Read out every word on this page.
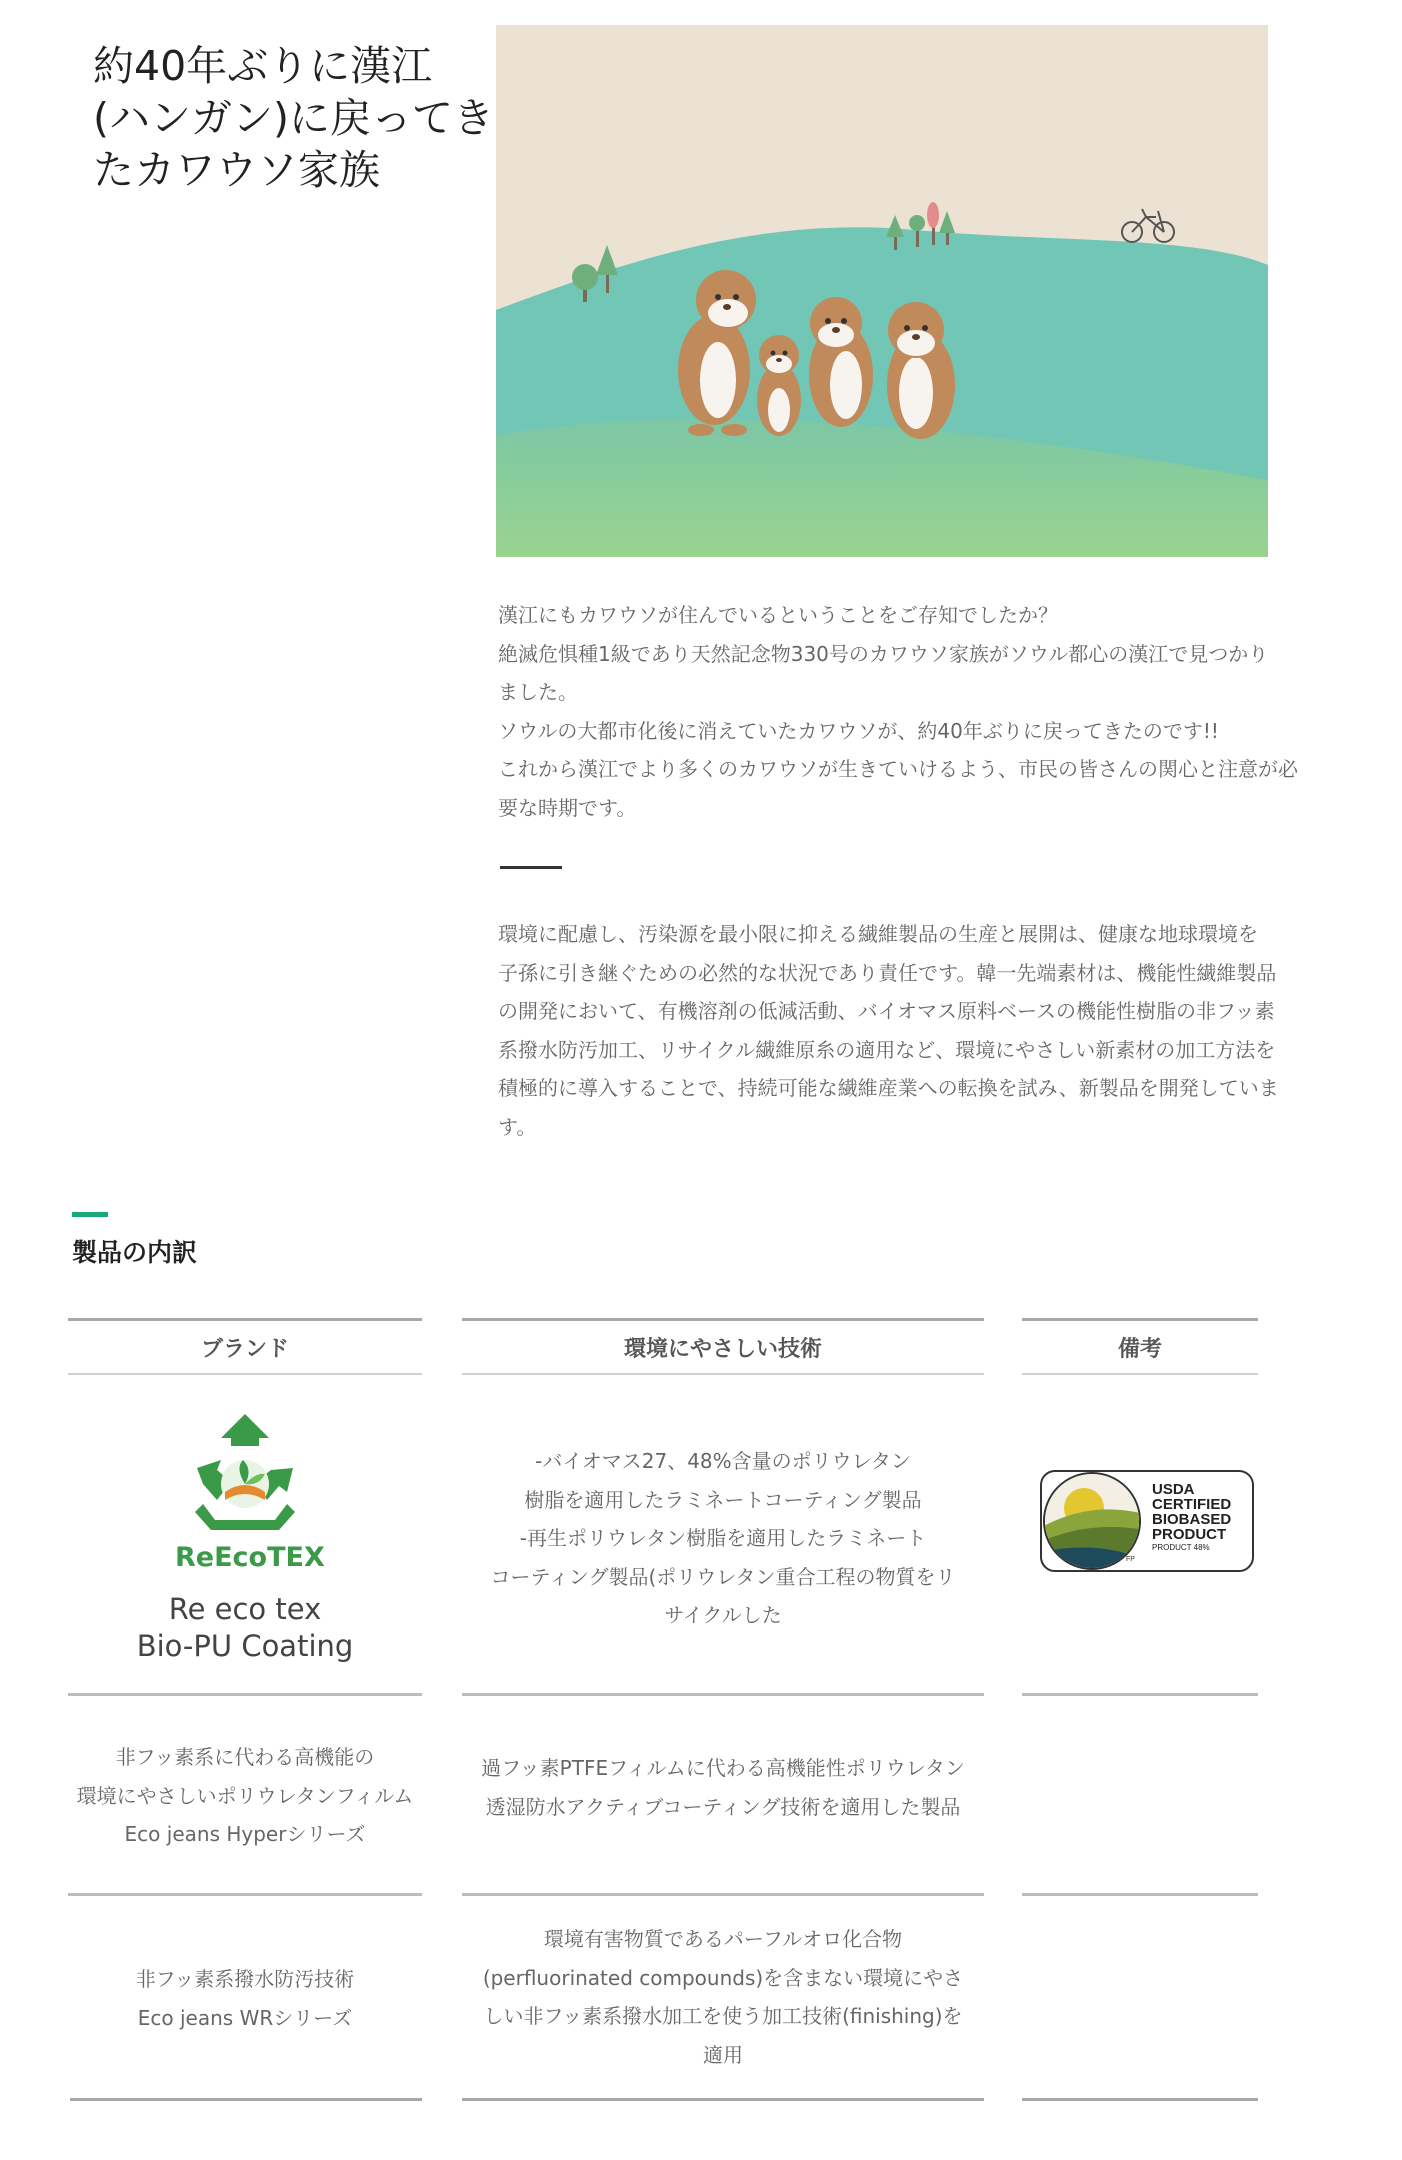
約40年ぶりに漢江
(ハンガン)に戻ってき
たカワウソ家族
漢江にもカワウソが住んでいるということをご存知でしたか？
絶滅危惧種1級であり天然記念物330号のカワウソ家族がソウル都心の漢江で見つかり
ました。
ソウルの大都市化後に消えていたカワウソが、約40年ぶりに戻ってきたのです!!
これから漢江でより多くのカワウソが生きていけるよう、市民の皆さんの関心と注意が必
要な時期です。
環境に配慮し、汚染源を最小限に抑える繊維製品の生産と展開は、健康な地球環境を
子孫に引き継ぐための必然的な状況であり責任です。韓一先端素材は、機能性繊維製品
の開発において、有機溶剤の低減活動、バイオマス原料ベースの機能性樹脂の非フッ素
系撥水防汚加工、リサイクル繊維原糸の適用など、環境にやさしい新素材の加工方法を
積極的に導入することで、持続可能な繊維産業への転換を試み、新製品を開発していま
す。
製品の内訳
ブランド	環境にやさしい技術	備考
ReEcoTEX
Re eco tex
Bio-PU Coating
-バイオマス27、48%含量のポリウレタン
樹脂を適用したラミネートコーティング製品
-再生ポリウレタン樹脂を適用したラミネート
コーティング製品(ポリウレタン重合工程の物質をリ
サイクルした
USDA
CERTIFIED
BIOBASED
PRODUCT
PRODUCT 48%
FP
非フッ素系に代わる高機能の
環境にやさしいポリウレタンフィルム
Eco jeans Hyperシリーズ
過フッ素PTFEフィルムに代わる高機能性ポリウレタン
透湿防水アクティブコーティング技術を適用した製品
非フッ素系撥水防汚技術
Eco jeans WRシリーズ
環境有害物質であるパーフルオロ化合物
(perfluorinated compounds)を含まない環境にやさ
しい非フッ素系撥水加工を使う加工技術(finishing)を
適用
